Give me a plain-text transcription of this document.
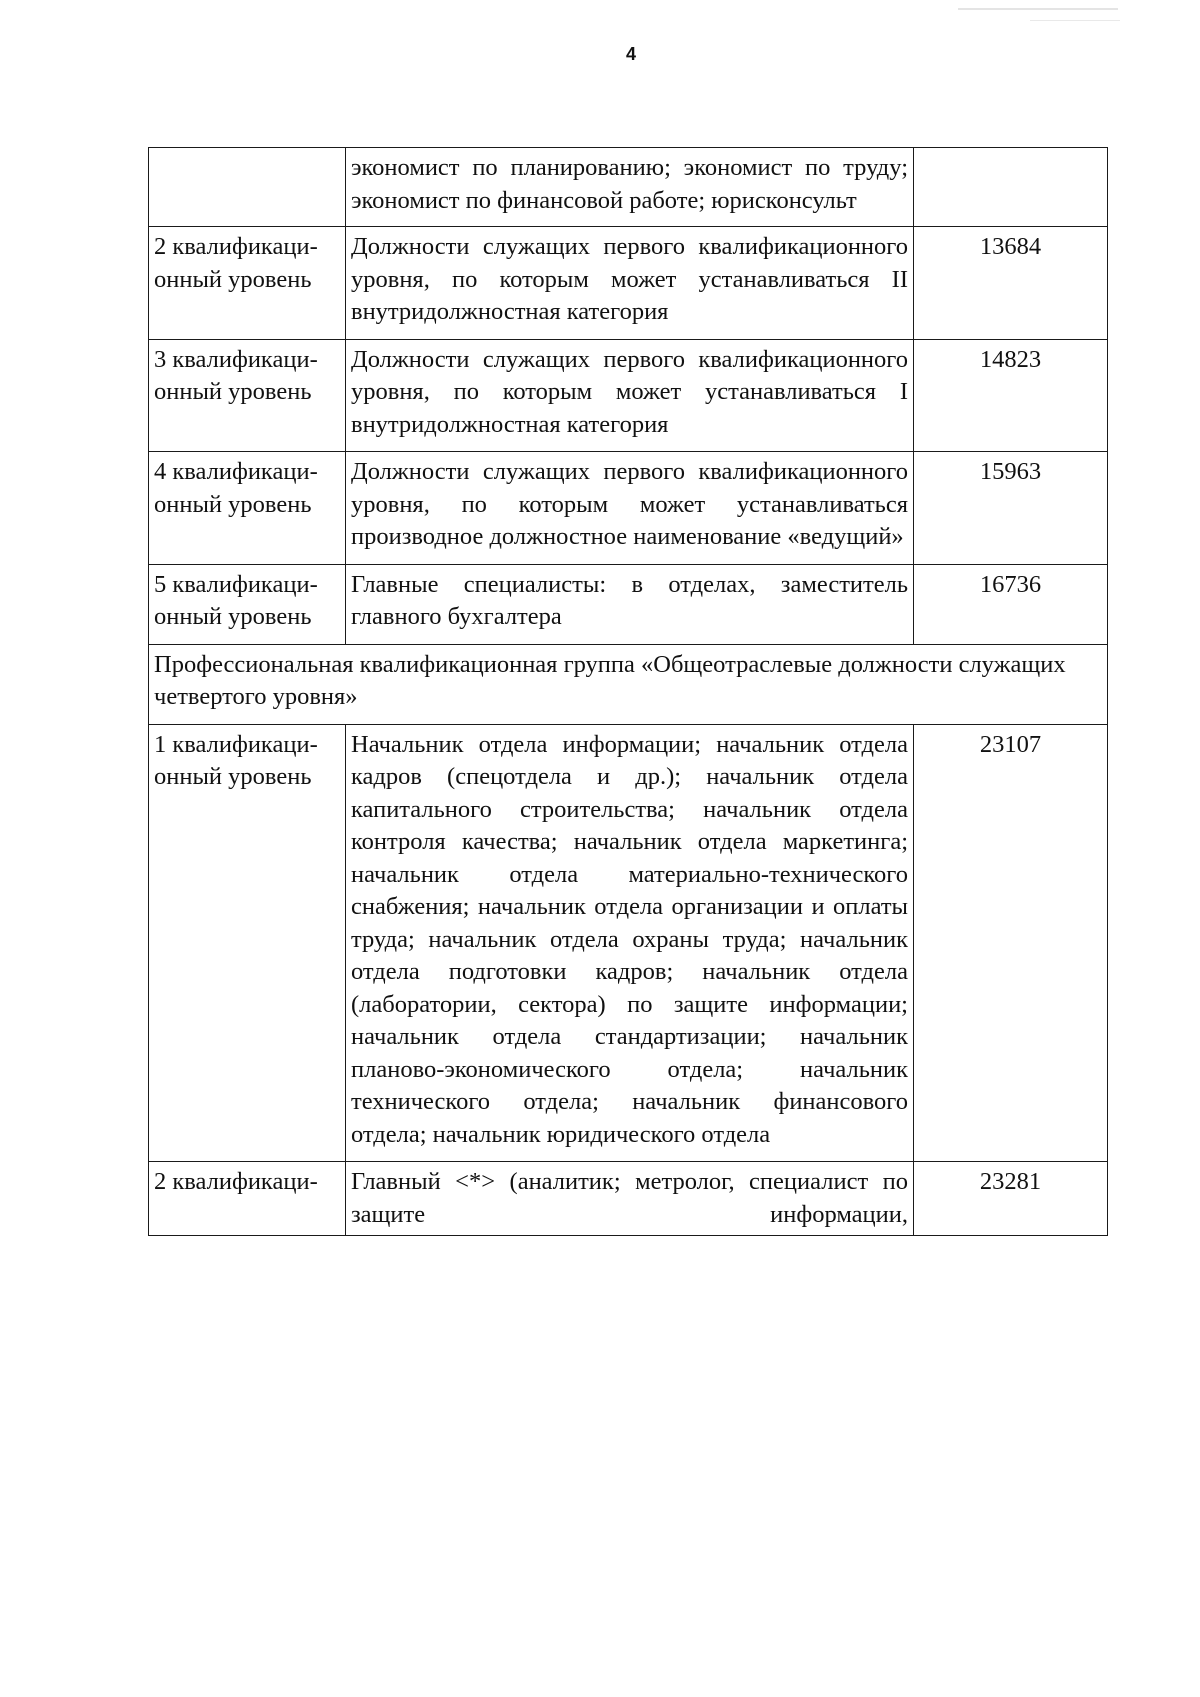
4
	экономист по планированию; экономист по труду; экономист по финансовой работе; юрисконсульт	
2 квалификаци- онный уровень	Должности служащих первого квалификационного уровня, по которым может устанавливаться II внутридолжностная категория	13684
3 квалификаци- онный уровень	Должности служащих первого квалификационного уровня, по которым может устанавливаться I внутридолжностная категория	14823
4 квалификаци- онный уровень	Должности служащих первого квалификационного уровня, по которым может устанавливаться производное должностное наименование «ведущий»	15963
5 квалификаци- онный уровень	Главные специалисты: в отделах, заместитель главного бухгалтера	16736
Профессиональная квалификационная группа «Общеотраслевые должности служащих четвертого уровня»		
1 квалификаци- онный уровень	Начальник отдела информации; начальник отдела кадров (спецотдела и др.); начальник отдела капитального строительства; начальник отдела контроля качества; начальник отдела маркетинга; начальник отдела материально-технического снабжения; начальник отдела организации и оплаты труда; начальник отдела охраны труда; начальник отдела подготовки кадров; начальник отдела (лаборатории, сектора) по защите информации; начальник отдела стандартизации; начальник планово-экономического отдела; начальник технического отдела; начальник финансового отдела; начальник юридического отдела	23107
2 квалификаци-	Главный <*> (аналитик; метролог, специалист по защите информации,	23281
